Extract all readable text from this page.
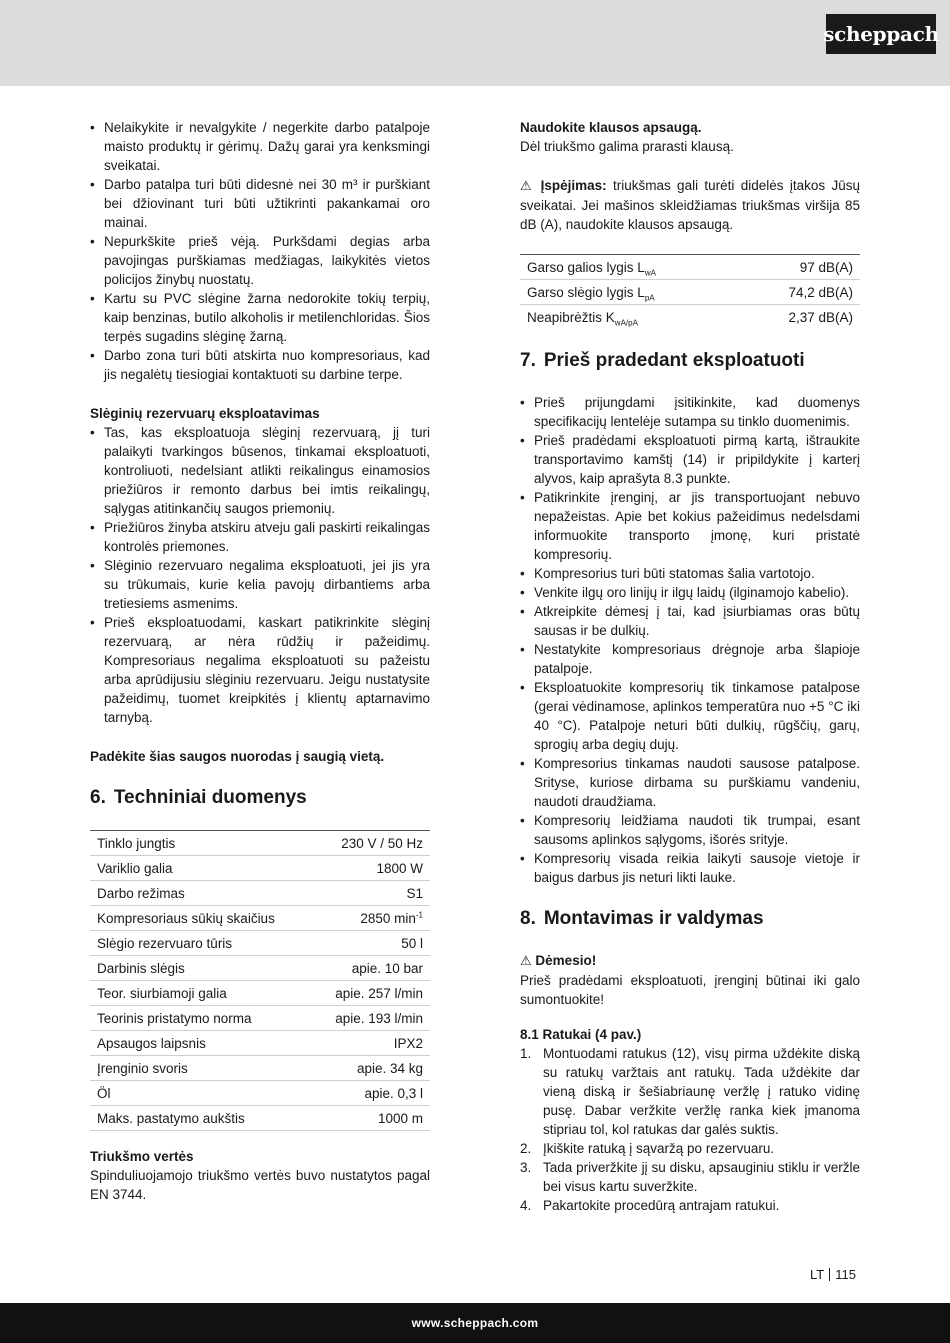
scheppach
• Nelaikykite ir nevalgykite / negerkite darbo patalpoje maisto produktų ir gėrimų. Dažų garai yra kenksmingi sveikatai.
• Darbo patalpa turi būti didesnė nei 30 m³ ir purškiant bei džiovinant turi būti užtikrinti pakankamai oro mainai.
• Nepurkškite prieš vėją. Purkšdami degias arba pavojingas purškiamas medžiagas, laikykitės vietos policijos žinybų nuostatų.
• Kartu su PVC slėgine žarna nedorokite tokių terpių, kaip benzinas, butilo alkoholis ir metilenchloridas. Šios terpės sugadins slėginę žarną.
• Darbo zona turi būti atskirta nuo kompresoriaus, kad jis negalėtų tiesiogiai kontaktuoti su darbine terpe.

Slėginių rezervuarų eksploatavimas

• Tas, kas eksploatuoja slėginį rezervuarą, jį turi palaikyti tvarkingos būsenos, tinkamai eksploatuoti, kontroliuoti, nedelsiant atlikti reikalingus einamosios priežiūros ir remonto darbus bei imtis reikalingų, sąlygas atitinkančių saugos priemonių.
• Priežiūros žinyba atskiru atveju gali paskirti reikalingas kontrolės priemones.
• Slėginio rezervuaro negalima eksploatuoti, jei jis yra su trūkumais, kurie kelia pavojų dirbantiems arba tretiesiems asmenims.
• Prieš eksploatuodami, kaskart patikrinkite slėginį rezervuarą, ar nėra rūdžių ir pažeidimų. Kompresoriaus negalima eksploatuoti su pažeistu arba aprūdijusiu slėginiu rezervuaru. Jeigu nustatysite pažeidimų, tuomet kreipkitės į klientų aptarnavimo tarnybą.

Padėkite šias saugos nuorodas į saugią vietą.

6. Techniniai duomenys
Tinklo jungtis	230 V / 50 Hz
Variklio galia	1800 W
Darbo režimas	S1
Kompresoriaus sūkių skaičius	2850 $\min^{-1}$
Slėgio rezervuaro tūris	50 l
Darbinis slėgis	apie. 10 bar
Teor. siurbiamoji galia	apie. 257 l/min
Teorinis pristatymo norma	apie. 193 l/min
Apsaugos laipsnis	IPX2
Įrenginio svoris	apie. 34 kg
Öl	apie. 0,3 l
Maks. pastatymo aukštis	1000 m

Triukšmo vertės

Spinduliuojamojo triukšmo vertės buvo nustatytos pagal EN 3744.

Naudokite klausos apsaugą.

Dėl triukšmo galima prarasti klausą.

⚠ Įspėjimas: triukšmas gali turėti didelės įtakos Jūsų sveikatai. Jei mašinos skleidžiamas triukšmas viršija 85 dB (A), naudokite klausos apsaugą.

Garso galios lygis $L_{wA}$	97 dB(A)
Garso slėgio lygis $L_{pA}$	74,2 dB(A)
Neapibrėžtis $K_{wA/pA}$	2,37 dB(A)
7. Prieš pradedant eksploatuoti
• Prieš prijungdami įsitikinkite, kad duomenys specifikacijų lentelėje sutampa su tinklo duomenimis.
• Prieš pradėdami eksploatuoti pirmą kartą, ištraukite transportavimo kamštį (14) ir pripildykite į karterį alyvos, kaip aprašyta 8.3 punkte.
• Patikrinkite įrenginį, ar jis transportuojant nebuvo nepažeistas. Apie bet kokius pažeidimus nedelsdami informuokite transporto įmonę, kuri pristatė kompresorių.
• Kompresorius turi būti statomas šalia vartotojo.
• Venkite ilgų oro linijų ir ilgų laidų (ilginamojo kabelio).
• Atkreipkite dėmesį į tai, kad įsiurbiamas oras būtų sausas ir be dulkių.
• Nestatykite kompresoriaus drėgnoje arba šlapioje patalpoje.
• Eksploatuokite kompresorių tik tinkamose patalpose (gerai vėdinamose, aplinkos temperatūra nuo +5 °C iki 40 °C). Patalpoje neturi būti dulkių, rūgščių, garų, sprogių arba degių dujų.
• Kompresorius tinkamas naudoti sausose patalpose. Srityse, kuriose dirbama su purškiamu vandeniu, naudoti draudžiama.
• Kompresorių leidžiama naudoti tik trumpai, esant sausoms aplinkos sąlygoms, išorės srityje.
• Kompresorių visada reikia laikyti sausoje vietoje ir baigus darbus jis neturi likti lauke.
8. Montavimas ir valdymas

⚠ Dėmesio!

Prieš pradėdami eksploatuoti, įrenginį būtinai iki galo sumontuokite!

8.1 Ratukai (4 pav.)

1. Montuodami ratukus (12), visų pirma uždėkite diską su ratukų varžtais ant ratukų. Tada uždėkite dar vieną diską ir šešiabriaunę veržlę į ratuko vidinę pusę. Dabar veržkite veržlę ranka kiek įmanoma stipriau tol, kol ratukas dar galės suktis.
2. Įkiškite ratuką į sąvaržą po rezervuaru.
3. Tada priveržkite jį su disku, apsauginiu stiklu ir veržle bei visus kartu suveržkite.
4. Pakartokite procedūrą antrajam ratukui.
LT 115
www.scheppach.com
